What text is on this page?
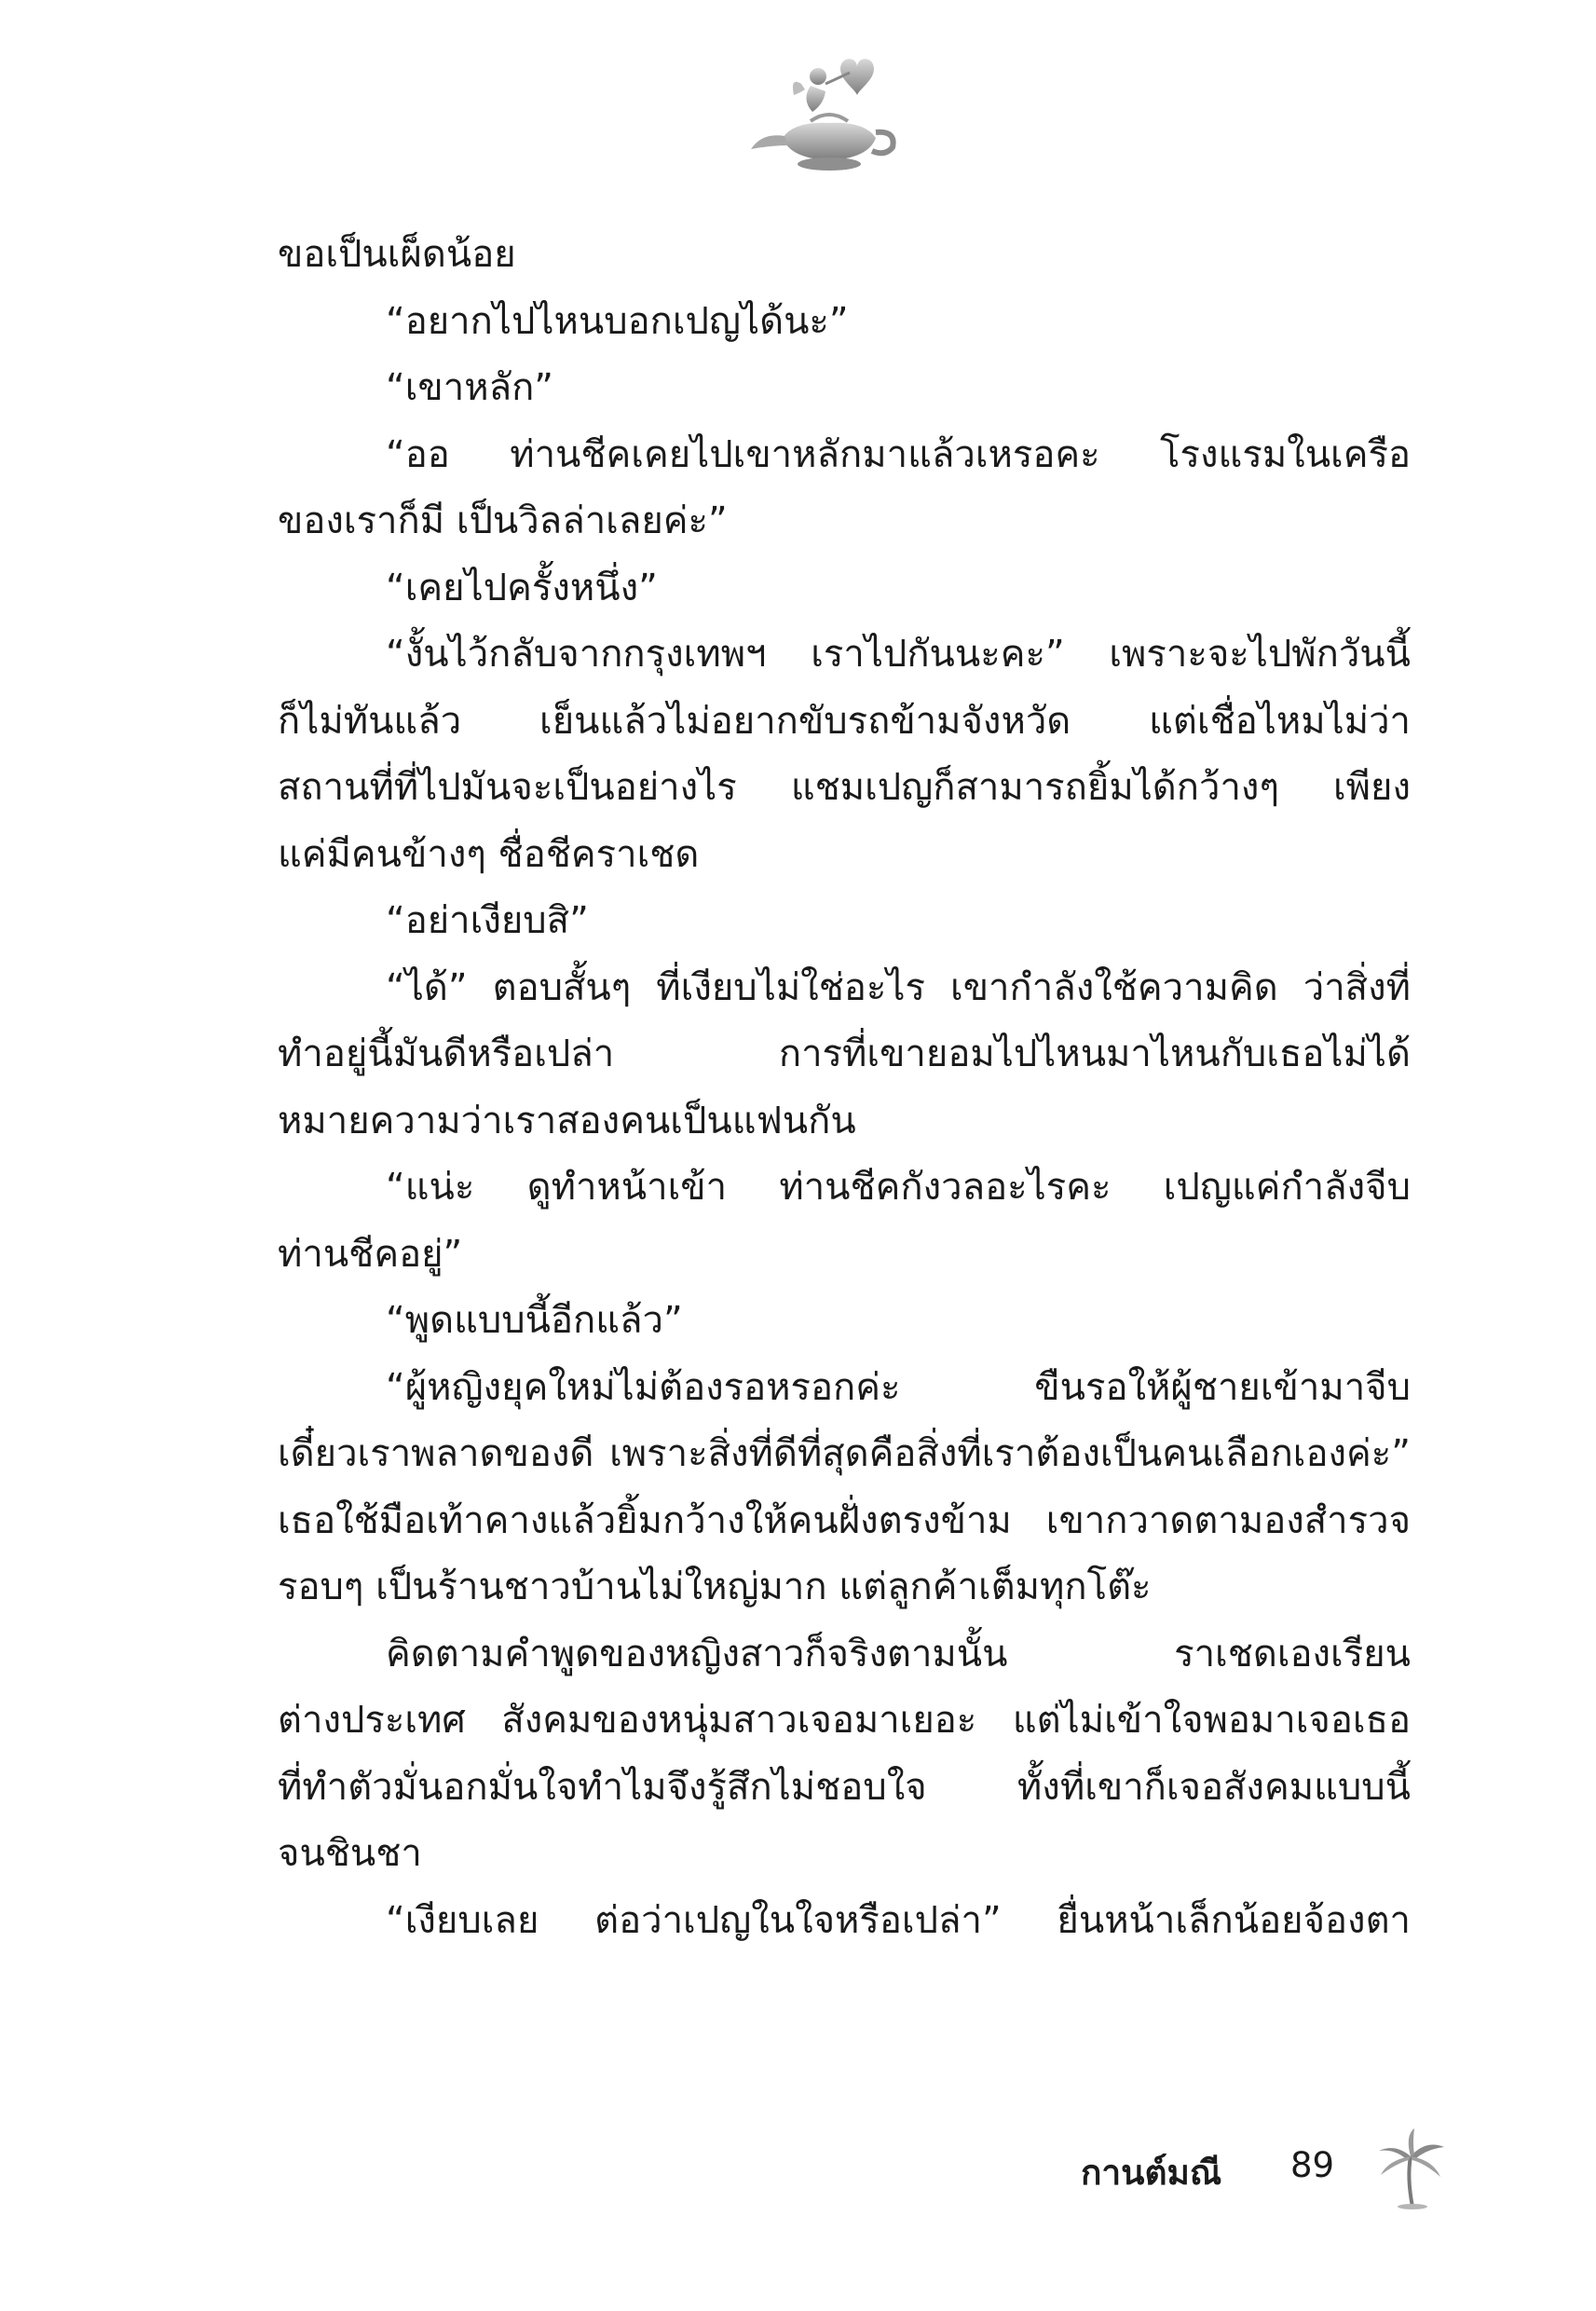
ขอเป็นเผ็ดน้อย
“อยากไปไหนบอกเปญได้นะ”
“เขาหลัก”
“ออ ท่านชีคเคยไปเขาหลักมาแล้วเหรอคะ โรงแรมในเครือ
ของเราก็มี เป็นวิลล่าเลยค่ะ”
“เคยไปครั้งหนึ่ง”
“งั้นไว้กลับจากกรุงเทพฯ เราไปกันนะคะ” เพราะจะไปพักวันนี้
ก็ไม่ทันแล้ว เย็นแล้วไม่อยากขับรถข้ามจังหวัด แต่เชื่อไหมไม่ว่า
สถานที่ที่ไปมันจะเป็นอย่างไร แชมเปญก็สามารถยิ้มได้กว้างๆ เพียง
แค่มีคนข้างๆ ชื่อชีคราเชด
“อย่าเงียบสิ”
“ได้” ตอบสั้นๆ ที่เงียบไม่ใช่อะไร เขากำลังใช้ความคิด ว่าสิ่งที่
ทำอยู่นี้มันดีหรือเปล่า การที่เขายอมไปไหนมาไหนกับเธอไม่ได้
หมายความว่าเราสองคนเป็นแฟนกัน
“แน่ะ ดูทำหน้าเข้า ท่านชีคกังวลอะไรคะ เปญแค่กำลังจีบ
ท่านชีคอยู่”
“พูดแบบนี้อีกแล้ว”
“ผู้หญิงยุคใหม่ไม่ต้องรอหรอกค่ะ ขืนรอให้ผู้ชายเข้ามาจีบ
เดี๋ยวเราพลาดของดี เพราะสิ่งที่ดีที่สุดคือสิ่งที่เราต้องเป็นคนเลือกเองค่ะ”
เธอใช้มือเท้าคางแล้วยิ้มกว้างให้คนฝั่งตรงข้าม เขากวาดตามองสำรวจ
รอบๆ เป็นร้านชาวบ้านไม่ใหญ่มาก แต่ลูกค้าเต็มทุกโต๊ะ
คิดตามคำพูดของหญิงสาวก็จริงตามนั้น ราเชดเองเรียน
ต่างประเทศ สังคมของหนุ่มสาวเจอมาเยอะ แต่ไม่เข้าใจพอมาเจอเธอ
ที่ทำตัวมั่นอกมั่นใจทำไมจึงรู้สึกไม่ชอบใจ ทั้งที่เขาก็เจอสังคมแบบนี้
จนชินชา
“เงียบเลย ต่อว่าเปญในใจหรือเปล่า” ยื่นหน้าเล็กน้อยจ้องตา
กานต์มณี 89
